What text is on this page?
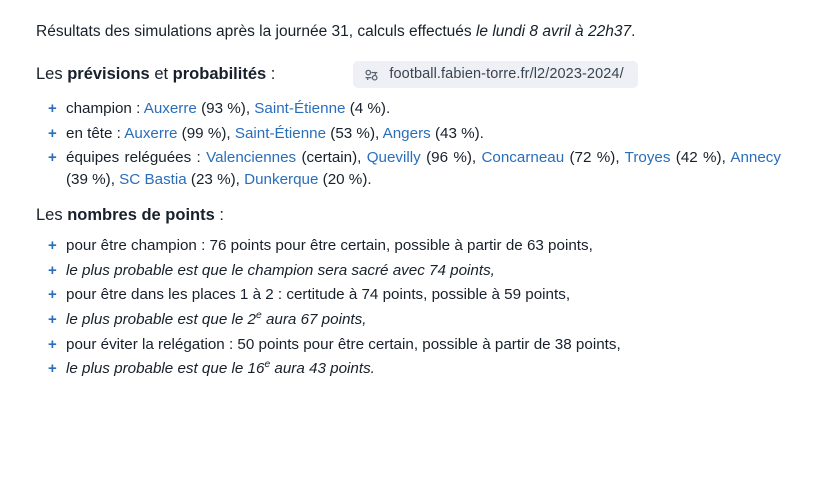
Résultats des simulations après la journée 31, calculs effectués le lundi 8 avril à 22h37.

Les prévisions et probabilités :	football.fabien-torre.fr/l2/2023-2024/
+ champion : Auxerre (93 %), Saint-Étienne (4 %).
+ en tête : Auxerre (99 %), Saint-Étienne (53 %), Angers (43 %).
+ équipes reléguées : Valenciennes (certain), Quevilly (96 %), Concarneau (72 %), Troyes (42 %), Annecy (39 %), SC Bastia (23 %), Dunkerque (20 %).
Les nombres de points :
+ pour être champion : 76 points pour être certain, possible à partir de 63 points,
+ le plus probable est que le champion sera sacré avec 74 points,
+ pour être dans les places 1 à 2 : certitude à 74 points, possible à 59 points,
+ le plus probable est que le 2e aura 67 points,
+ pour éviter la relégation : 50 points pour être certain, possible à partir de 38 points,
+ le plus probable est que le 16e aura 43 points.
